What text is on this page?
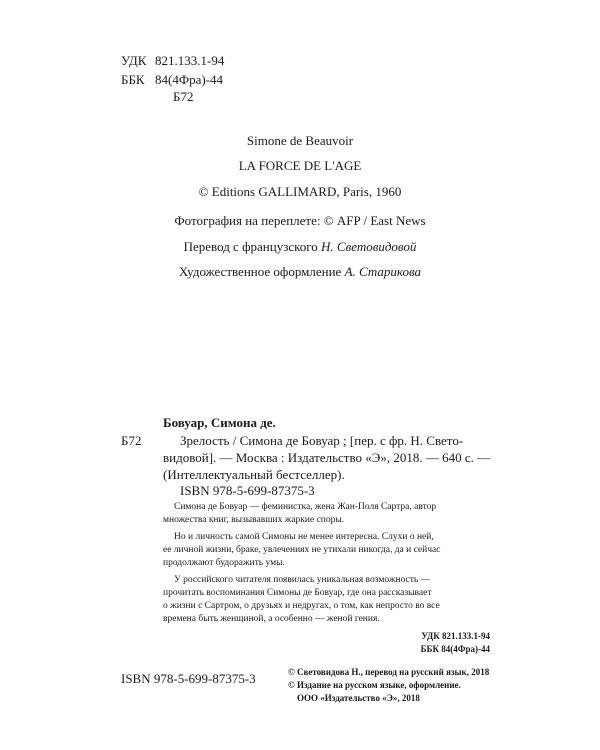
УДК 821.133.1-94
ББК 84(4Фра)-44
Б72
Simone de Beauvoir
LA FORCE DE L'AGE
© Editions GALLIMARD, Paris, 1960
Фотография на переплете: © AFP / East News
Перевод с французского Н. Световидовой
Художественное оформление А. Старикова
Бовуар, Симона де.
Б72	Зрелость / Симона де Бовуар ; [пер. с фр. Н. Свето-
видовой]. — Москва : Издательство «Э», 2018. — 640 с. —
(Интеллектуальный бестселлер).
ISBN 978-5-699-87375-3
Симона де Бовуар — феминистка, жена Жан-Поля Сартра, автор
множества книг, вызывавших жаркие споры.
Но и личность самой Симоны не менее интересна. Слухи о ней,
ее личной жизни, браке, увлечениях не утихали никогда, да и сейчас
продолжают будоражить умы.
У российского читателя появилась уникальная возможность —
прочитать воспоминания Симоны де Бовуар, где она рассказывает
о жизни с Сартром, о друзьях и недругах, о том, как непросто во все
времена быть женщиной, а особенно — женой гения.
УДК 821.133.1-94
ББК 84(4Фра)-44
© Световидова Н., перевод на русский язык, 2018
© Издание на русском языке, оформление.
ООО «Издательство «Э», 2018
ISBN 978-5-699-87375-3
